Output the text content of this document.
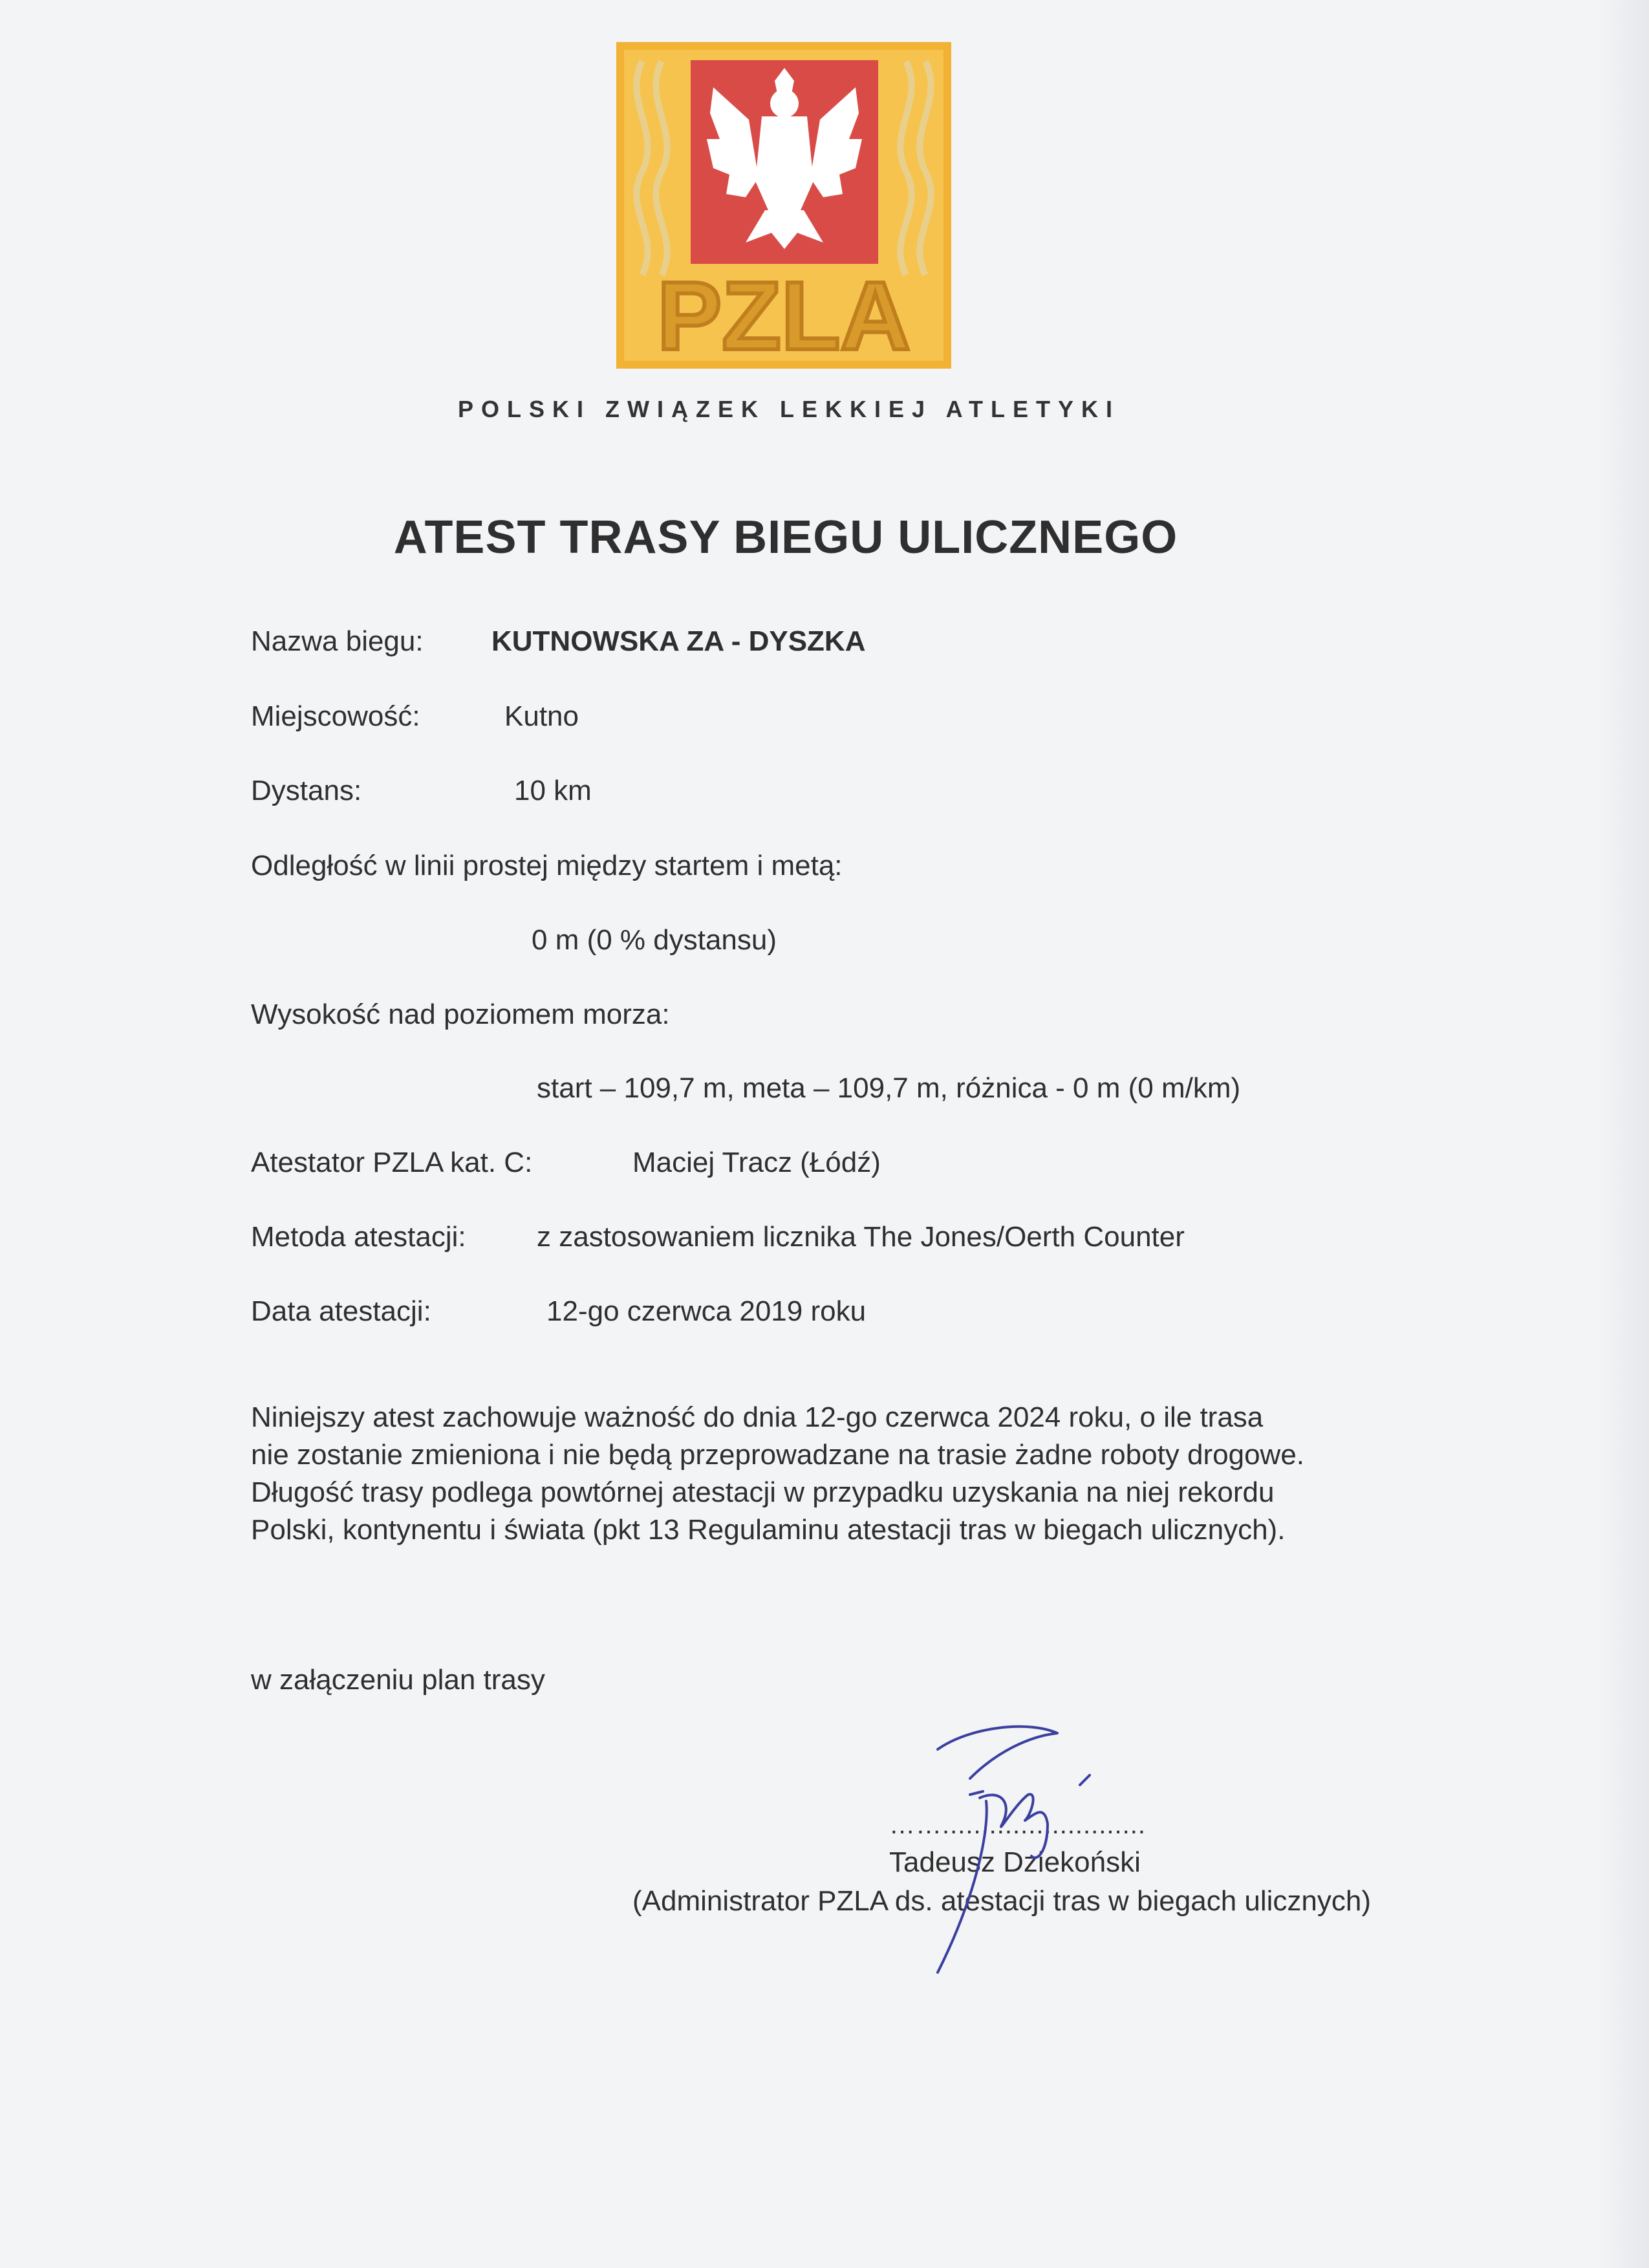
PZLA
POLSKI ZWIĄZEK LEKKIEJ ATLETYKI
ATEST TRASY BIEGU ULICZNEGO
Nazwa biegu: KUTNOWSKA ZA - DYSZKA
Miejscowość:	Kutno
Dystans:	10 km
Odległość w linii prostej między startem i metą:
0 m (0 % dystansu)
Wysokość nad poziomem morza:
start – 109,7 m, meta – 109,7 m, różnica - 0 m (0 m/km)
Atestator PZLA kat. C:	Maciej Tracz (Łódź)
Metoda atestacji: z zastosowaniem licznika The Jones/Oerth Counter
Data atestacji:	12-go czerwca 2019 roku
Niniejszy atest zachowuje ważność do dnia 12-go czerwca 2024 roku, o ile trasa
nie zostanie zmieniona i nie będą przeprowadzane na trasie żadne roboty drogowe.
Długość trasy podlega powtórnej atestacji w przypadku uzyskania na niej rekordu
Polski, kontynentu i świata (pkt 13 Regulaminu atestacji tras w biegach ulicznych).
w załączeniu plan trasy
……..........................
Tadeusz Dziekoński
(Administrator PZLA ds. atestacji tras w biegach ulicznych)
